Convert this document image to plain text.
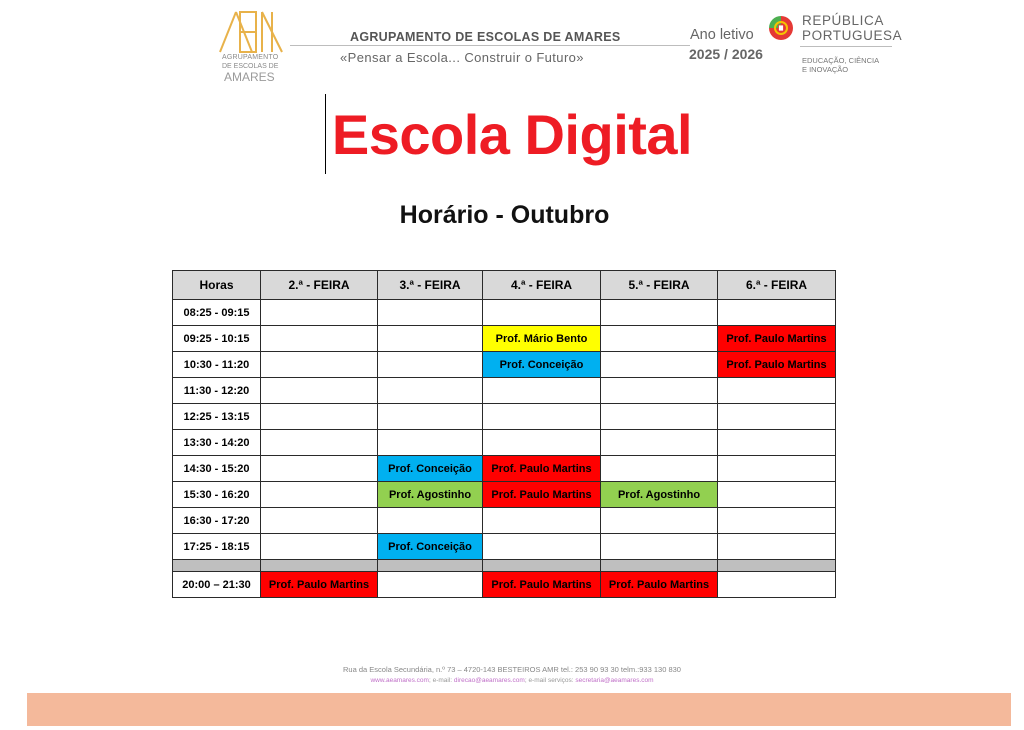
AGRUPAMENTO
DE ESCOLAS DE
AMARES
AGRUPAMENTO DE ESCOLAS DE AMARES
«Pensar a Escola... Construir o Futuro»
Ano letivo
2025 / 2026
REPÚBLICA
PORTUGUESA
EDUCAÇÃO, CIÊNCIA
E INOVAÇÃO
Escola Digital
Horário - Outubro
Horas	2.ª - FEIRA	3.ª - FEIRA	4.ª - FEIRA	5.ª - FEIRA	6.ª - FEIRA
08:25 - 09:15					
09:25 - 10:15			Prof. Mário Bento		Prof. Paulo Martins
10:30 - 11:20			Prof. Conceição		Prof. Paulo Martins
11:30 - 12:20					
12:25 - 13:15					
13:30 - 14:20					
14:30 - 15:20		Prof. Conceição	Prof. Paulo Martins		
15:30 - 16:20		Prof. Agostinho	Prof. Paulo Martins	Prof. Agostinho	
16:30 - 17:20					
17:25 - 18:15		Prof. Conceição			

20:00 – 21:30	Prof. Paulo Martins		Prof. Paulo Martins	Prof. Paulo Martins	
Rua da Escola Secundária, n.º 73 – 4720-143 BESTEIROS AMR tel.: 253 90 93 30 telm.:933 130 830
www.aeamares.com; e-mail: direcao@aeamares.com; e-mail serviços: secretaria@aeamares.com
